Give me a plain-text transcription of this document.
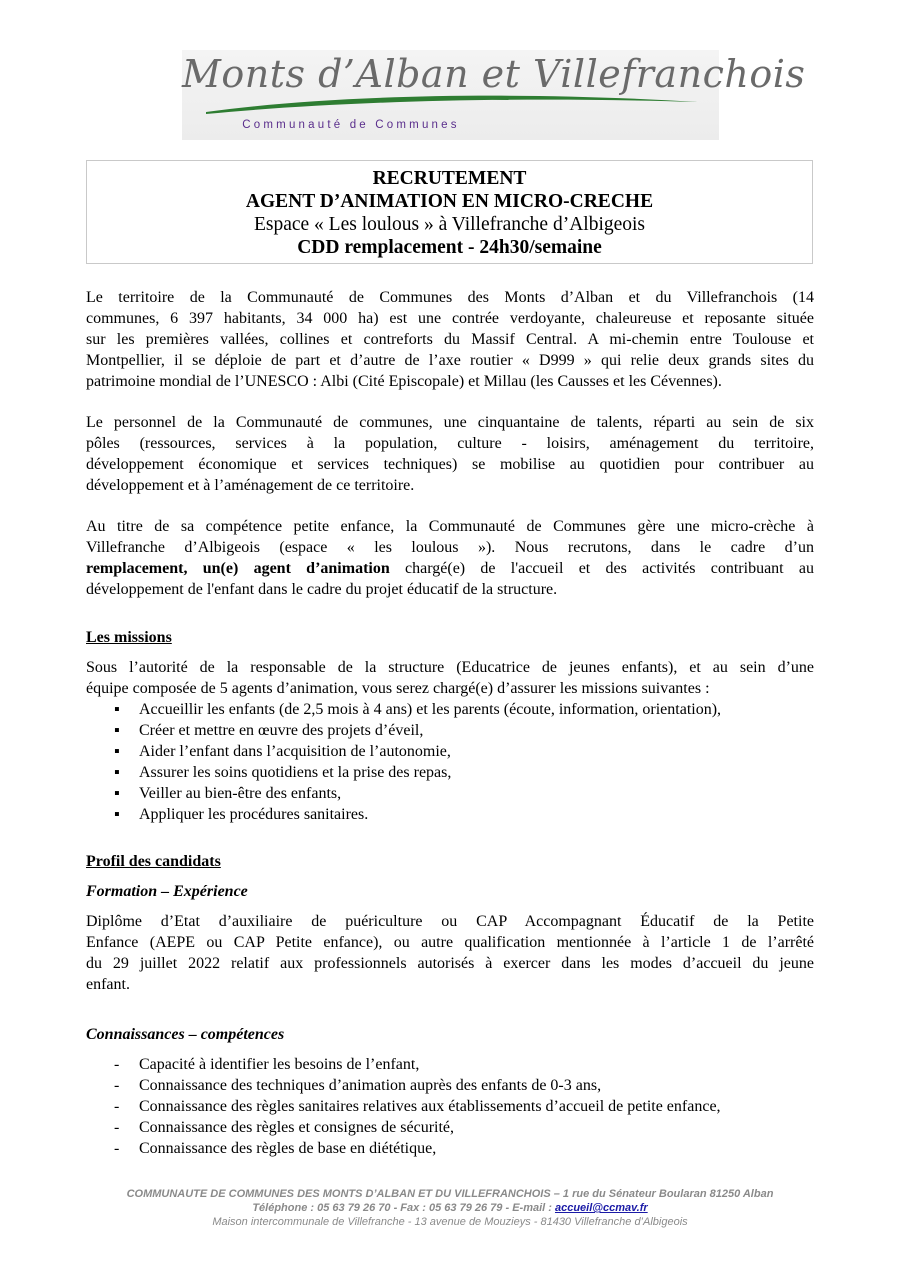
Monts d’Alban et Villefranchois
Communauté de Communes
RECRUTEMENT
AGENT D’ANIMATION EN MICRO-CRECHE
Espace « Les loulous » à Villefranche d’Albigeois
CDD remplacement - 24h30/semaine
Le territoire de la Communauté de Communes des Monts d’Alban et du Villefranchois (14
communes, 6 397 habitants, 34 000 ha) est une contrée verdoyante, chaleureuse et reposante située
sur les premières vallées, collines et contreforts du Massif Central. A mi-chemin entre Toulouse et
Montpellier, il se déploie de part et d’autre de l’axe routier « D999 » qui relie deux grands sites du
patrimoine mondial de l’UNESCO : Albi (Cité Episcopale) et Millau (les Causses et les Cévennes).
Le personnel de la Communauté de communes, une cinquantaine de talents, réparti au sein de six
pôles (ressources, services à la population, culture - loisirs, aménagement du territoire,
développement économique et services techniques) se mobilise au quotidien pour contribuer au
développement et à l’aménagement de ce territoire.
Au titre de sa compétence petite enfance, la Communauté de Communes gère une micro-crèche à
Villefranche d’Albigeois (espace « les loulous »). Nous recrutons, dans le cadre d’un
remplacement, un(e) agent d’animation chargé(e) de l'accueil et des activités contribuant au
développement de l'enfant dans le cadre du projet éducatif de la structure.
Les missions
Sous l’autorité de la responsable de la structure (Educatrice de jeunes enfants), et au sein d’une
équipe composée de 5 agents d’animation, vous serez chargé(e) d’assurer les missions suivantes :
▪ Accueillir les enfants (de 2,5 mois à 4 ans) et les parents (écoute, information, orientation),
▪ Créer et mettre en œuvre des projets d’éveil,
▪ Aider l’enfant dans l’acquisition de l’autonomie,
▪ Assurer les soins quotidiens et la prise des repas,
▪ Veiller au bien-être des enfants,
▪ Appliquer les procédures sanitaires.
Profil des candidats
Formation – Expérience
Diplôme d’Etat d’auxiliaire de puériculture ou CAP Accompagnant Éducatif de la Petite
Enfance (AEPE ou CAP Petite enfance), ou autre qualification mentionnée à l’article 1 de l’arrêté
du 29 juillet 2022 relatif aux professionnels autorisés à exercer dans les modes d’accueil du jeune
enfant.
Connaissances – compétences
- Capacité à identifier les besoins de l’enfant,
- Connaissance des techniques d’animation auprès des enfants de 0-3 ans,
- Connaissance des règles sanitaires relatives aux établissements d’accueil de petite enfance,
- Connaissance des règles et consignes de sécurité,
- Connaissance des règles de base en diététique,
COMMUNAUTE DE COMMUNES DES MONTS D’ALBAN ET DU VILLEFRANCHOIS – 1 rue du Sénateur Boularan 81250 Alban
Téléphone : 05 63 79 26 70 - Fax : 05 63 79 26 79 - E-mail : accueil@ccmav.fr
Maison intercommunale de Villefranche - 13 avenue de Mouzieys - 81430 Villefranche d’Albigeois
